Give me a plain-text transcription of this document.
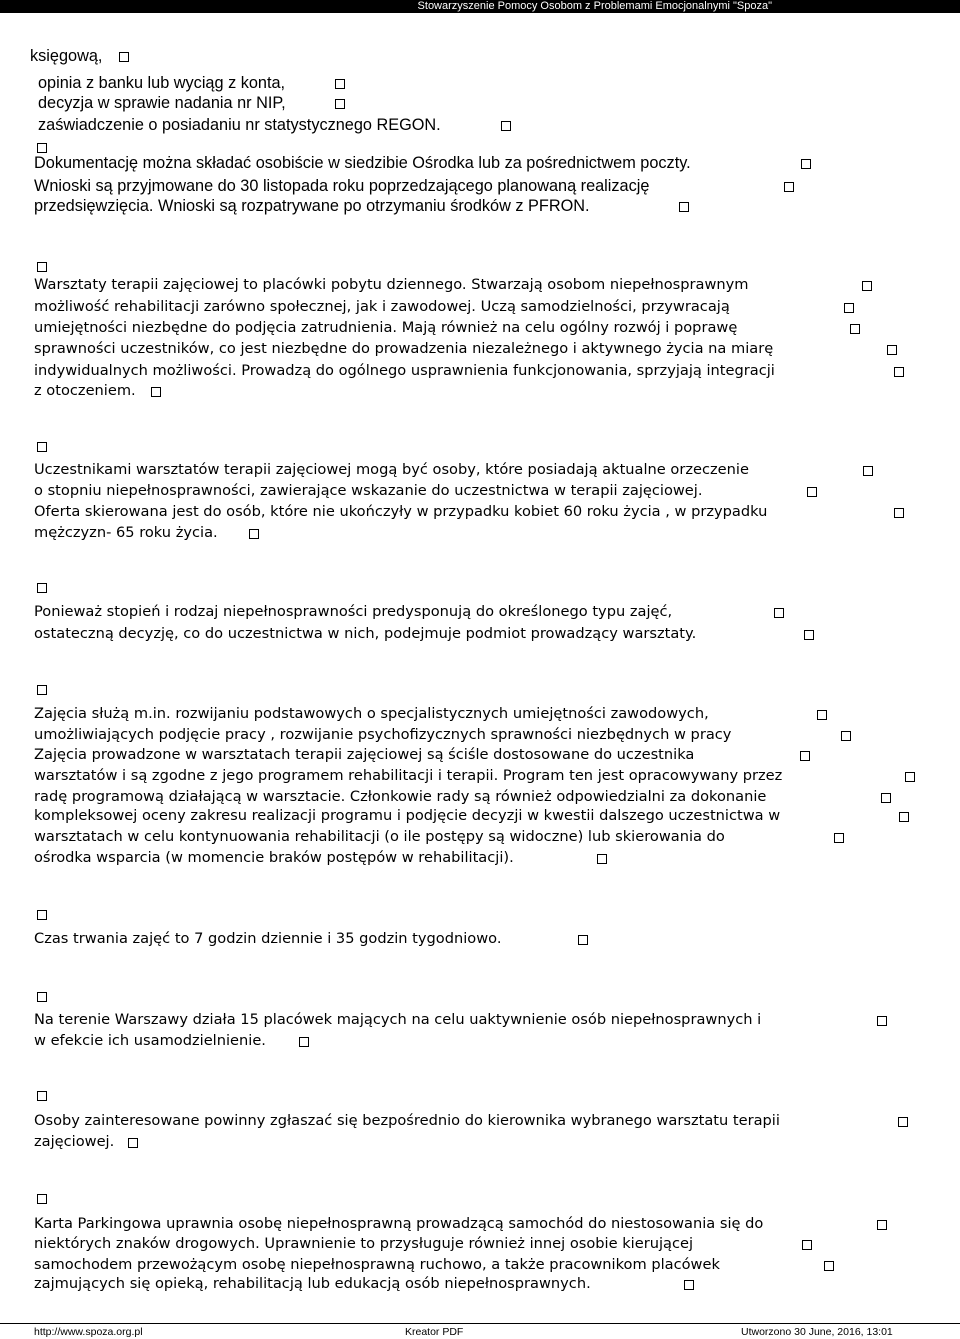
Stowarzyszenie Pomocy Osobom z Problemami Emocjonalnymi "Spoza"
księgową,
opinia z banku lub wyciąg z konta,
decyzja w sprawie nadania nr NIP,
zaświadczenie o posiadaniu nr statystycznego REGON.
Dokumentację można składać osobiście w siedzibie Ośrodka lub za pośrednictwem poczty.
Wnioski są przyjmowane do 30 listopada roku poprzedzającego planowaną realizację
przedsięwzięcia. Wnioski są rozpatrywane po otrzymaniu środków z PFRON.
Warsztaty terapii zajęciowej to placówki pobytu dziennego. Stwarzają osobom niepełnosprawnym
możliwość rehabilitacji zarówno społecznej, jak i zawodowej. Uczą samodzielności, przywracają
umiejętności niezbędne do podjęcia zatrudnienia. Mają również na celu ogólny rozwój i poprawę
sprawności uczestników, co jest niezbędne do prowadzenia niezależnego i aktywnego życia na miarę
indywidualnych możliwości. Prowadzą do ogólnego usprawnienia funkcjonowania, sprzyjają integracji
z otoczeniem.
Uczestnikami warsztatów terapii zajęciowej mogą być osoby, które posiadają aktualne orzeczenie
o stopniu niepełnosprawności, zawierające wskazanie do uczestnictwa w terapii zajęciowej.
Oferta skierowana jest do osób, które nie ukończyły w przypadku kobiet 60 roku życia , w przypadku
mężczyzn- 65 roku życia.
Ponieważ stopień i rodzaj niepełnosprawności predysponują do określonego typu zajęć,
ostateczną decyzję, co do uczestnictwa w nich, podejmuje podmiot prowadzący warsztaty.
Zajęcia służą m.in. rozwijaniu podstawowych o specjalistycznych umiejętności zawodowych,
umożliwiających podjęcie pracy , rozwijanie psychofizycznych sprawności niezbędnych w pracy
Zajęcia prowadzone w warsztatach terapii zajęciowej są ściśle dostosowane do uczestnika
warsztatów i są zgodne z jego programem rehabilitacji i terapii. Program ten jest opracowywany przez
radę programową działającą w warsztacie. Członkowie rady są również odpowiedzialni za dokonanie
kompleksowej oceny zakresu realizacji programu i podjęcie decyzji w kwestii dalszego uczestnictwa w
warsztatach w celu kontynuowania rehabilitacji (o ile postępy są widoczne) lub skierowania do
ośrodka wsparcia (w momencie braków postępów w rehabilitacji).
Czas trwania zajęć to 7 godzin dziennie i 35 godzin tygodniowo.
Na terenie Warszawy działa 15 placówek mających na celu uaktywnienie osób niepełnosprawnych i
w efekcie ich usamodzielnienie.
Osoby zainteresowane powinny zgłaszać się bezpośrednio do kierownika wybranego warsztatu terapii
zajęciowej.
Karta Parkingowa uprawnia osobę niepełnosprawną prowadzącą samochód do niestosowania się do
niektórych znaków drogowych. Uprawnienie to przysługuje również innej osobie kierującej
samochodem przewożącym osobę niepełnosprawną ruchowo, a także pracownikom placówek
zajmujących się opieką, rehabilitacją lub edukacją osób niepełnosprawnych.
http://www.spoza.org.pl	Kreator PDF	Utworzono 30 June, 2016, 13:01
